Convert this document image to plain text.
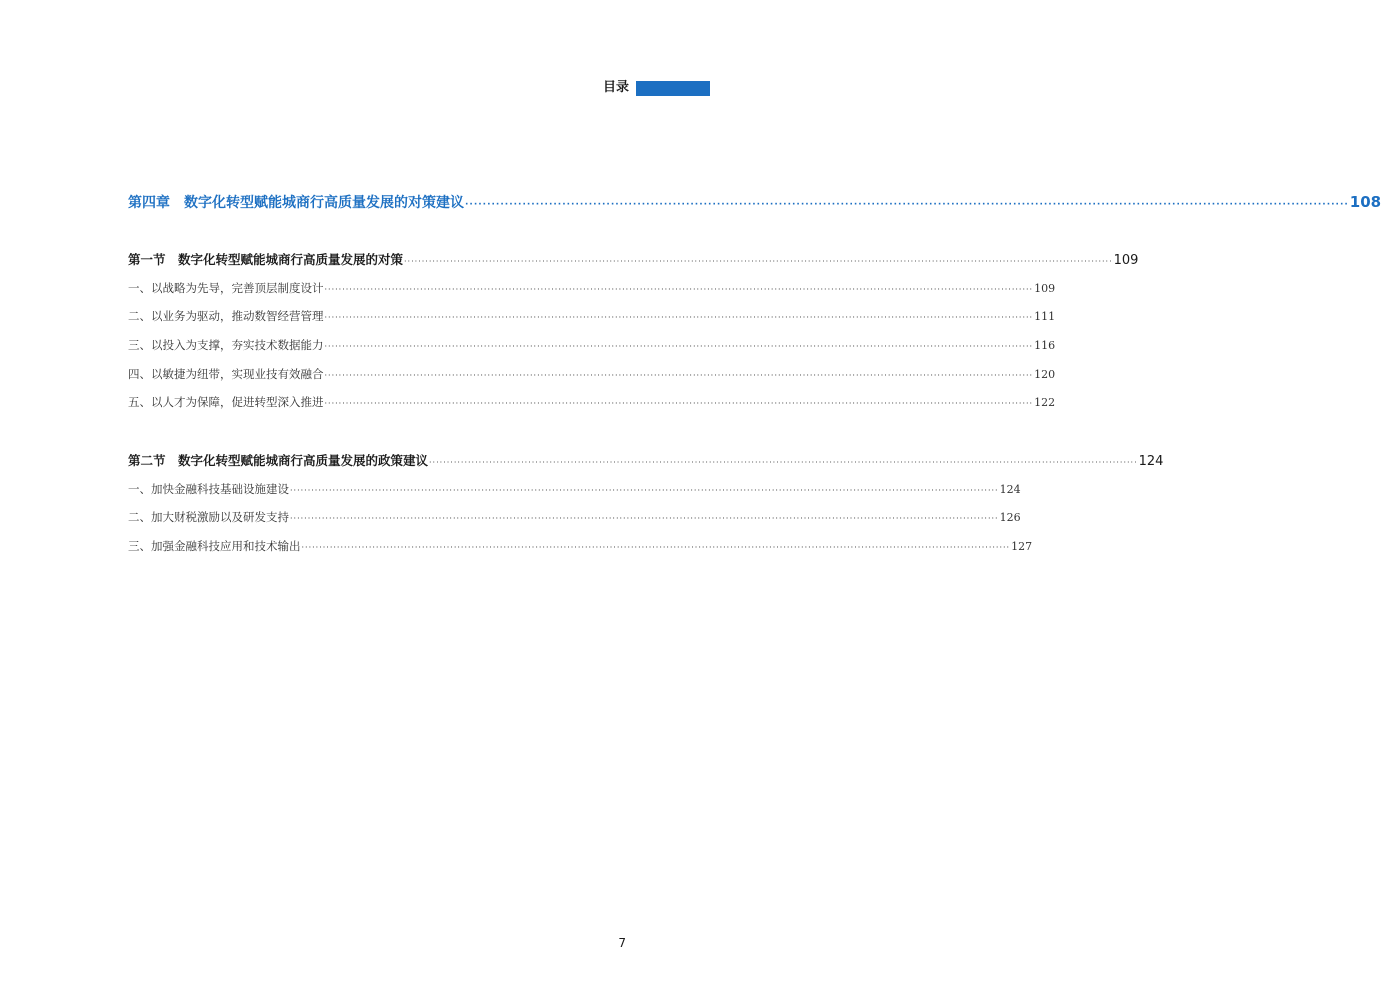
目录
第四章　数字化转型赋能城商行高质量发展的对策建议 ········································································································································································································ 108
第一节　数字化转型赋能城商行高质量发展的对策 ········································································································································································································ 109
一、以战略为先导，完善顶层制度设计 ········································································································································································································ 109
二、以业务为驱动，推动数智经营管理 ········································································································································································································ 111
三、以投入为支撑，夯实技术数据能力 ········································································································································································································ 116
四、以敏捷为纽带，实现业技有效融合 ········································································································································································································ 120
五、以人才为保障，促进转型深入推进 ········································································································································································································ 122
第二节　数字化转型赋能城商行高质量发展的政策建议 ········································································································································································································ 124
一、加快金融科技基础设施建设 ········································································································································································································ 124
二、加大财税激励以及研发支持 ········································································································································································································ 126
三、加强金融科技应用和技术输出 ········································································································································································································ 127
7
